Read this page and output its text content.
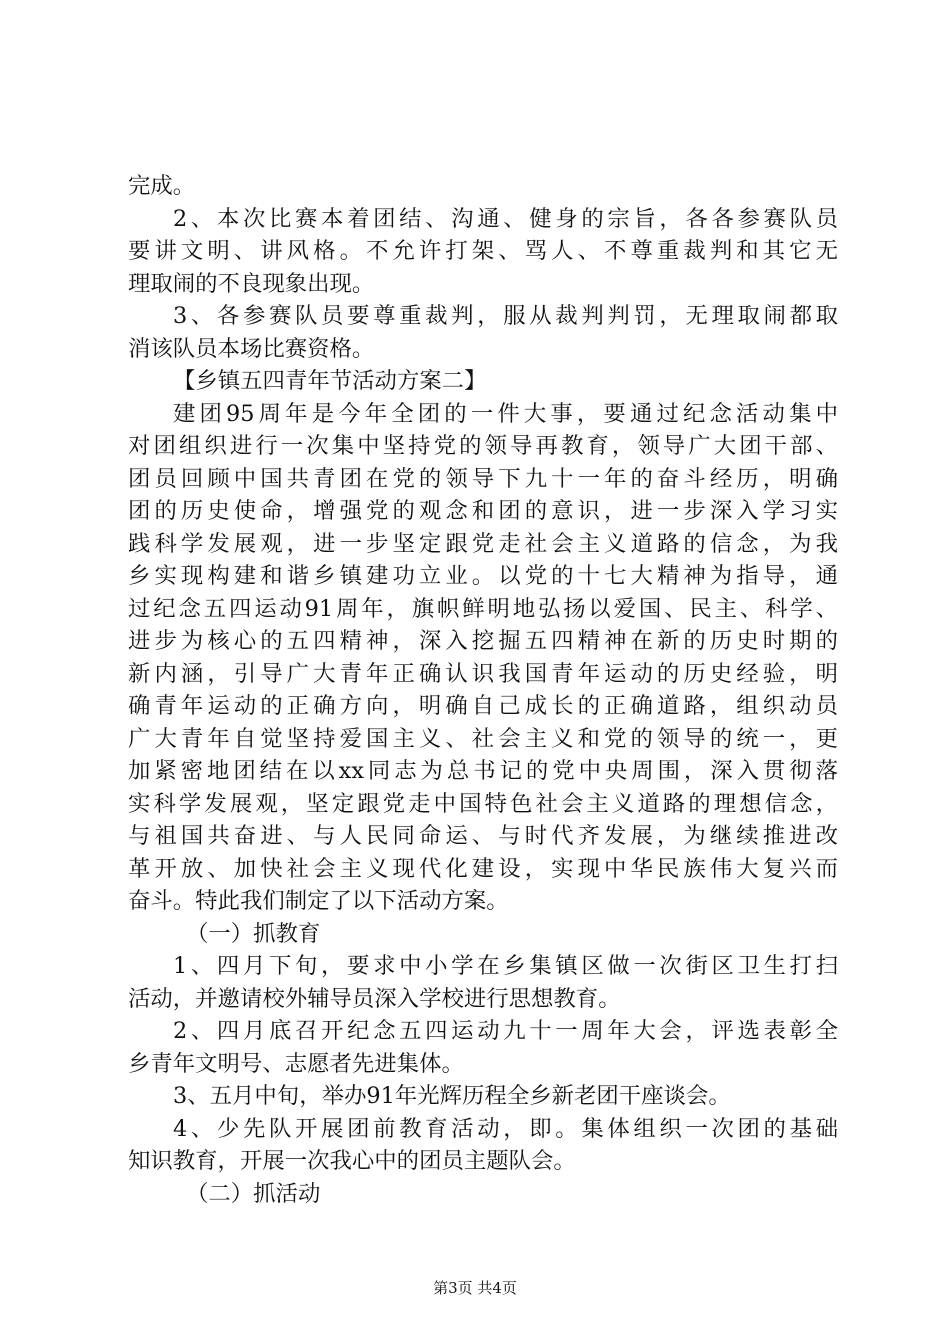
完成。
2、本次比赛本着团结、沟通、健身的宗旨，各各参赛队员
要讲文明、讲风格。不允许打架、骂人、不尊重裁判和其它无
理取闹的不良现象出现。
3、各参赛队员要尊重裁判，服从裁判判罚，无理取闹都取
消该队员本场比赛资格。
【乡镇五四青年节活动方案二】
建团95周年是今年全团的一件大事，要通过纪念活动集中
对团组织进行一次集中坚持党的领导再教育，领导广大团干部、
团员回顾中国共青团在党的领导下九十一年的奋斗经历，明确
团的历史使命，增强党的观念和团的意识，进一步深入学习实
践科学发展观，进一步坚定跟党走社会主义道路的信念，为我
乡实现构建和谐乡镇建功立业。以党的十七大精神为指导，通
过纪念五四运动91周年，旗帜鲜明地弘扬以爱国、民主、科学、
进步为核心的五四精神，深入挖掘五四精神在新的历史时期的
新内涵，引导广大青年正确认识我国青年运动的历史经验，明
确青年运动的正确方向，明确自己成长的正确道路，组织动员
广大青年自觉坚持爱国主义、社会主义和党的领导的统一，更
加紧密地团结在以xx同志为总书记的党中央周围，深入贯彻落
实科学发展观，坚定跟党走中国特色社会主义道路的理想信念，
与祖国共奋进、与人民同命运、与时代齐发展，为继续推进改
革开放、加快社会主义现代化建设，实现中华民族伟大复兴而
奋斗。特此我们制定了以下活动方案。
（一）抓教育
1、四月下旬，要求中小学在乡集镇区做一次街区卫生打扫
活动，并邀请校外辅导员深入学校进行思想教育。
2、四月底召开纪念五四运动九十一周年大会，评选表彰全
乡青年文明号、志愿者先进集体。
3、五月中旬，举办91年光辉历程全乡新老团干座谈会。
4、少先队开展团前教育活动，即。集体组织一次团的基础
知识教育，开展一次我心中的团员主题队会。
（二）抓活动
第3页 共4页
